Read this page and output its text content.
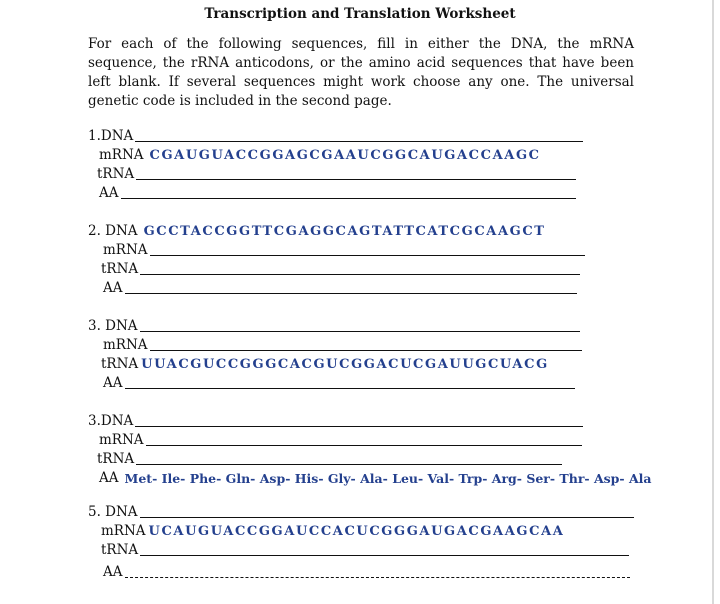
Transcription and Translation Worksheet
For each of the following sequences, fill in either the DNA, the mRNA sequence, the rRNA anticodons, or the amino acid sequences that have been left blank. If several sequences might work choose any one. The universal genetic code is included in the second page.
1.DNA
mRNA CGAUGUACCGGAGCGAAUCGGCAUGACCAAGC
tRNA
AA
2. DNA GCCTACCGGTTCGAGGCAGTATTCATCGCAAGCT
mRNA
tRNA
AA
3. DNA
mRNA
tRNA UUACGUCCGGGCACGUCGGACUCGAUUGCUACG
AA
3.DNA
mRNA
tRNA
AA Met- Ile- Phe- Gln- Asp- His- Gly- Ala- Leu- Val- Trp- Arg- Ser- Thr- Asp- Ala
5. DNA
mRNA UCAUGUACCGGAUCCACUCGGGAUGACGAAGCAA
tRNA
AA
